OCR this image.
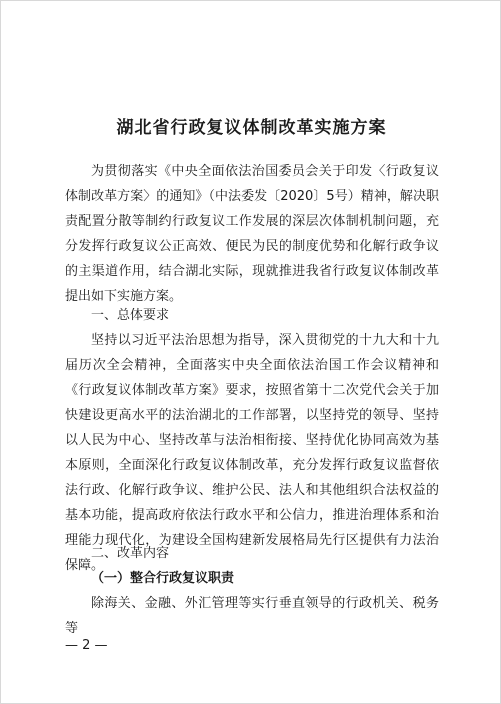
湖北省行政复议体制改革实施方案

为贯彻落实《中央全面依法治国委员会关于印发〈行政复议体制改革方案〉的通知》（中法委发〔2020〕5号）精神，解决职责配置分散等制约行政复议工作发展的深层次体制机制问题，充分发挥行政复议公正高效、便民为民的制度优势和化解行政争议的主渠道作用，结合湖北实际，现就推进我省行政复议体制改革提出如下实施方案。

一、总体要求

坚持以习近平法治思想为指导，深入贯彻党的十九大和十九届历次全会精神，全面落实中央全面依法治国工作会议精神和《行政复议体制改革方案》要求，按照省第十二次党代会关于加快建设更高水平的法治湖北的工作部署，以坚持党的领导、坚持以人民为中心、坚持改革与法治相衔接、坚持优化协同高效为基本原则，全面深化行政复议体制改革，充分发挥行政复议监督依法行政、化解行政争议、维护公民、法人和其他组织合法权益的基本功能，提高政府依法行政水平和公信力，推进治理体系和治理能力现代化，为建设全国构建新发展格局先行区提供有力法治保障。

二、改革内容

（一）整合行政复议职责

除海关、金融、外汇管理等实行垂直领导的行政机关、税务等

— 2 —
